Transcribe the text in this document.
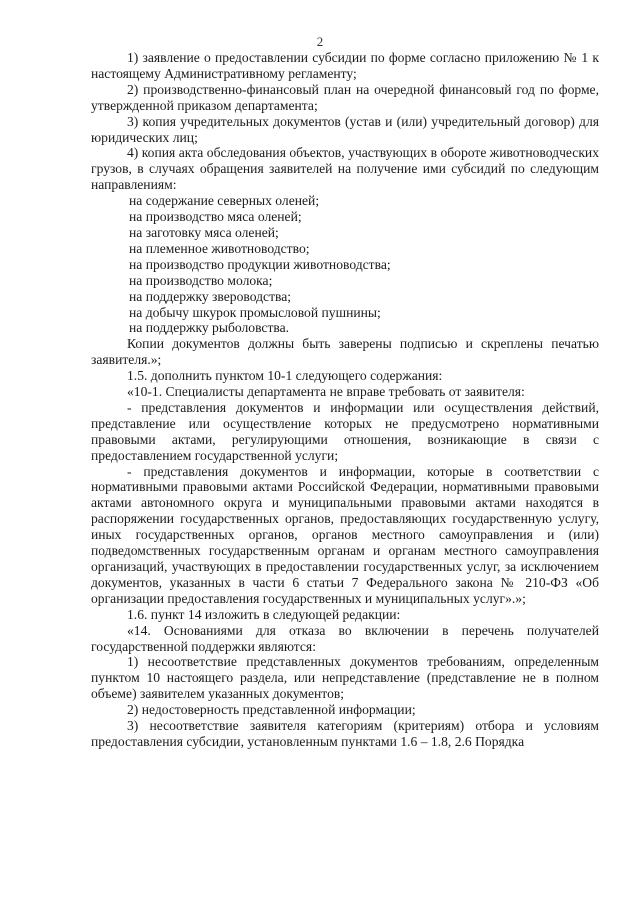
2

1) заявление о предоставлении субсидии по форме согласно приложению № 1 к настоящему Административному регламенту;

2) производственно-финансовый план на очередной финансовый год по форме, утвержденной приказом департамента;

3) копия учредительных документов (устав и (или) учредительный договор) для юридических лиц;

4) копия акта обследования объектов, участвующих в обороте животноводческих грузов, в случаях обращения заявителей на получение ими субсидий по следующим направлениям:

на содержание северных оленей;

на производство мяса оленей;

на заготовку мяса оленей;

на племенное животноводство;

на производство продукции животноводства;

на производство молока;

на поддержку звероводства;

на добычу шкурок промысловой пушнины;

на поддержку рыболовства.

Копии документов должны быть заверены подписью и скреплены печатью заявителя.»;

1.5. дополнить пунктом 10-1 следующего содержания:

«10-1. Специалисты департамента не вправе требовать от заявителя:

- представления документов и информации или осуществления действий, представление или осуществление которых не предусмотрено нормативными правовыми актами, регулирующими отношения, возникающие в связи с предоставлением государственной услуги;

- представления документов и информации, которые в соответствии с нормативными правовыми актами Российской Федерации, нормативными правовыми актами автономного округа и муниципальными правовыми актами находятся в распоряжении государственных органов, предоставляющих государственную услугу, иных государственных органов, органов местного самоуправления и (или) подведомственных государственным органам и органам местного самоуправления организаций, участвующих в предоставлении государственных услуг, за исключением документов, указанных в части 6 статьи 7 Федерального закона № 210-ФЗ «Об организации предоставления государственных и муниципальных услуг».»;

1.6. пункт 14 изложить в следующей редакции:

«14. Основаниями для отказа во включении в перечень получателей государственной поддержки являются:

1) несоответствие представленных документов требованиям, определенным пунктом 10 настоящего раздела, или непредставление (представление не в полном объеме) заявителем указанных документов;

2) недостоверность представленной информации;

3) несоответствие заявителя категориям (критериям) отбора и условиям предоставления субсидии, установленным пунктами 1.6 – 1.8, 2.6 Порядка
